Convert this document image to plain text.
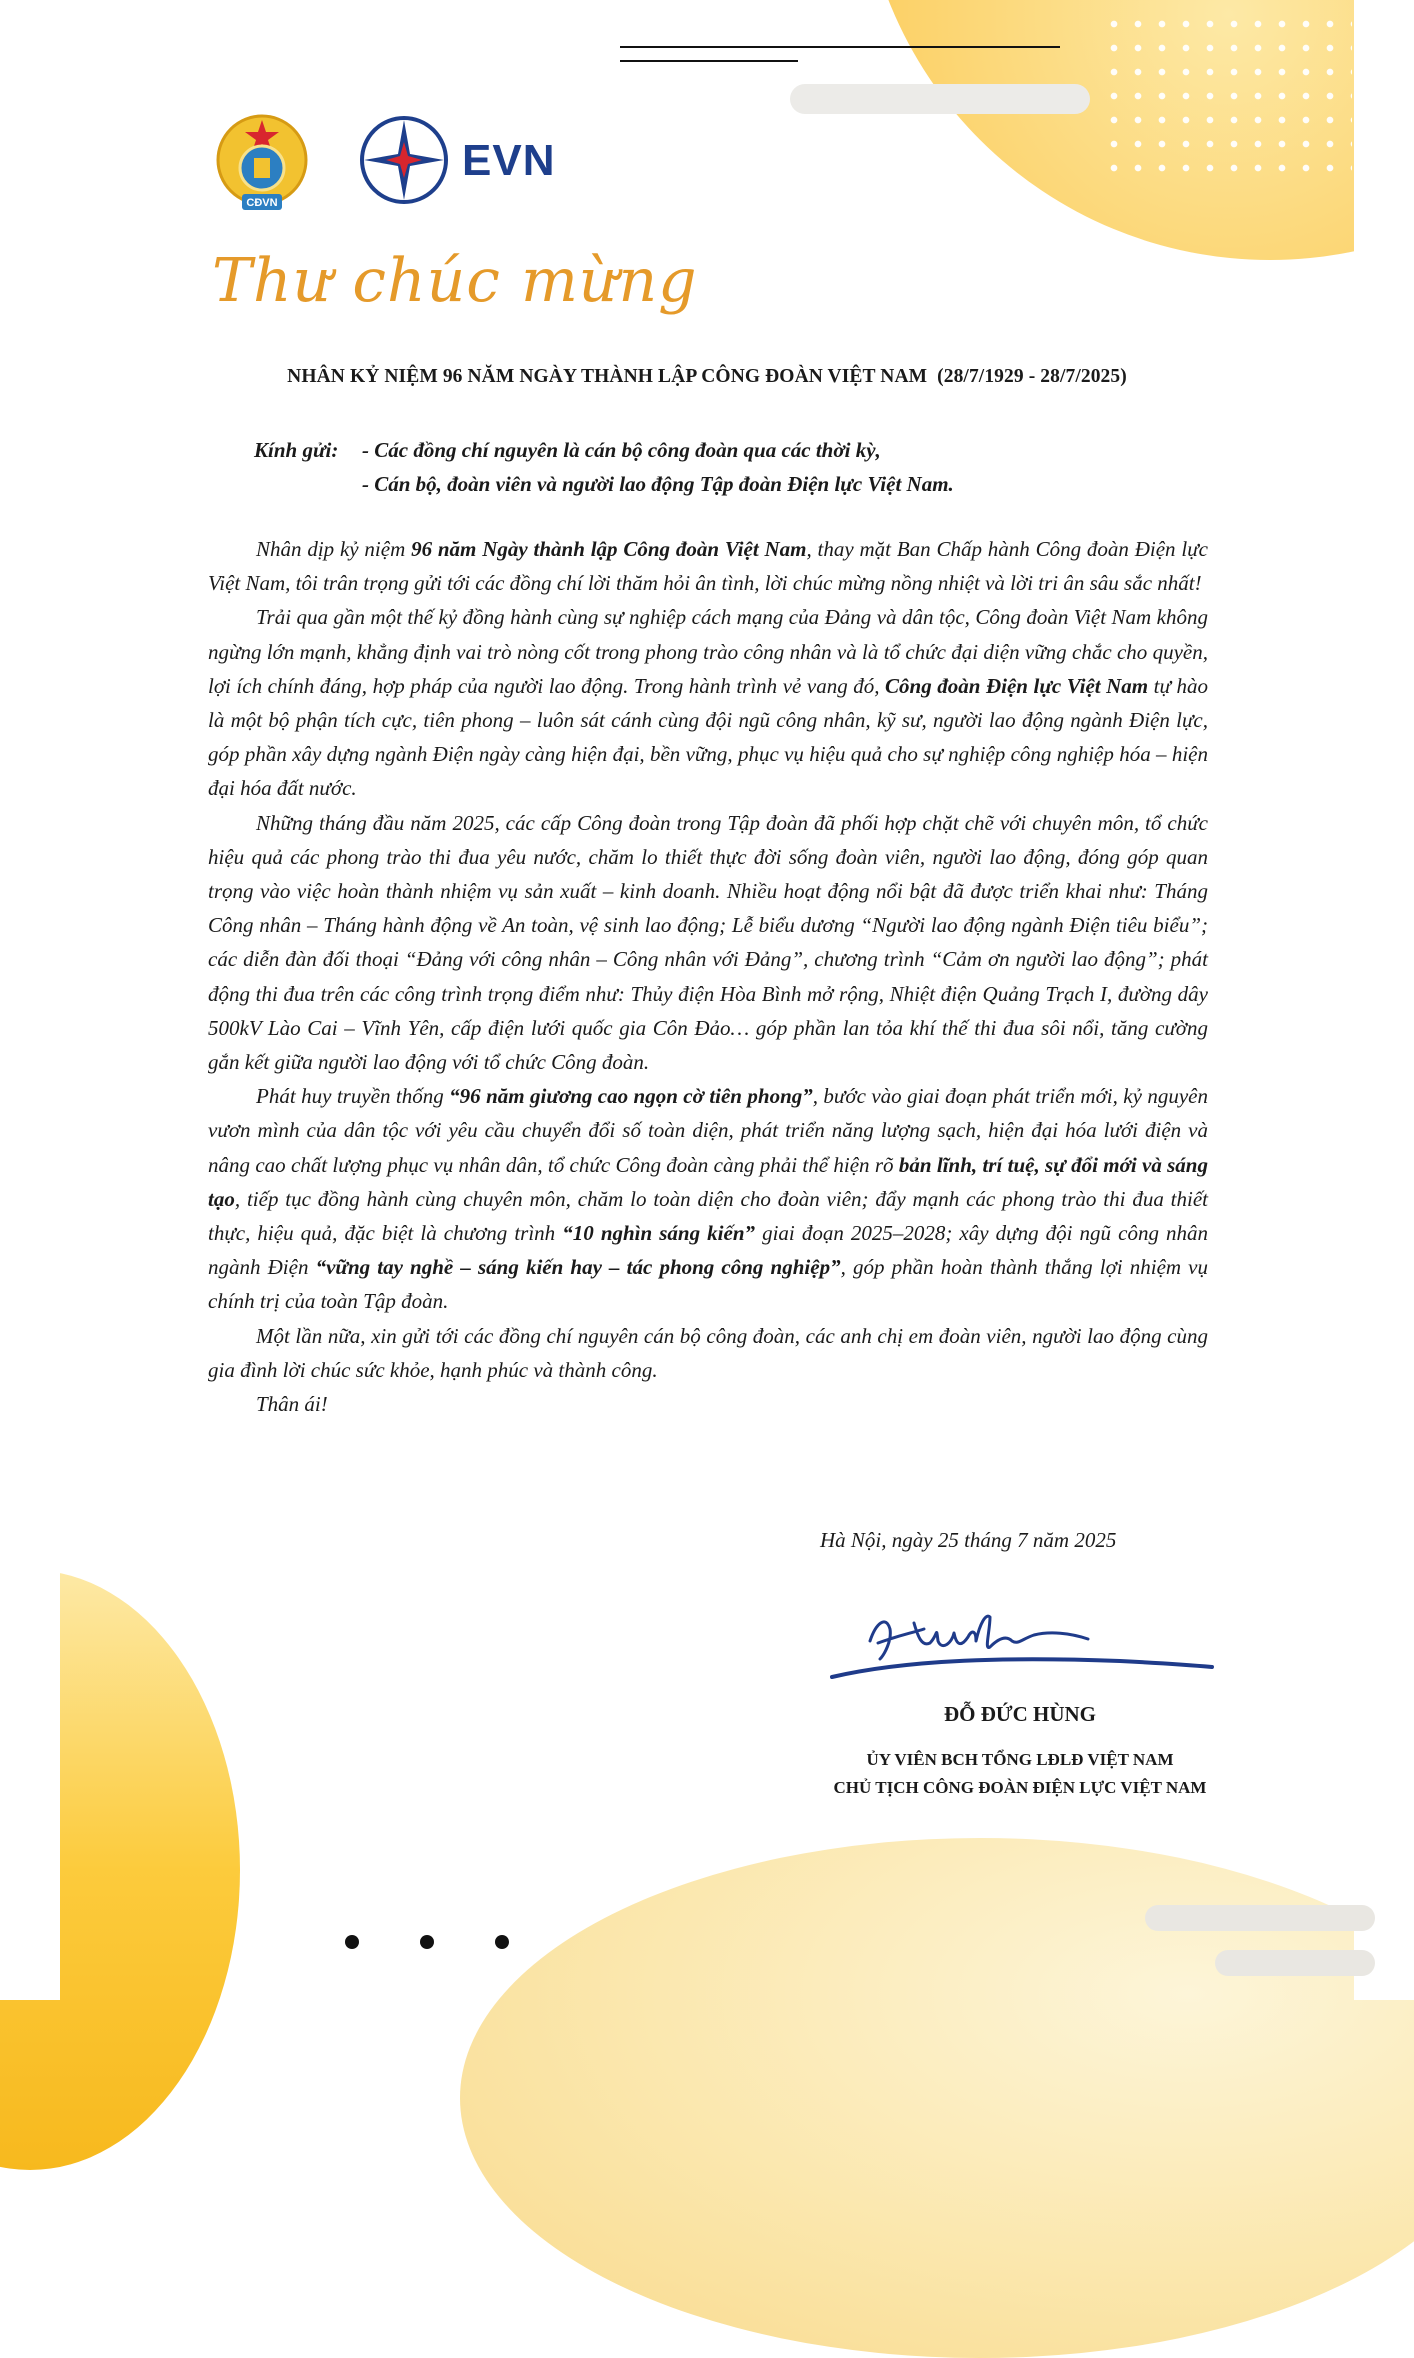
CĐVN
EVN
Thư chúc mừng
NHÂN KỶ NIỆM 96 NĂM NGÀY THÀNH LẬP CÔNG ĐOÀN VIỆT NAM (28/7/1929 - 28/7/2025)
Kính gửi: - Các đồng chí nguyên là cán bộ công đoàn qua các thời kỳ,
- Cán bộ, đoàn viên và người lao động Tập đoàn Điện lực Việt Nam.

Nhân dịp kỷ niệm 96 năm Ngày thành lập Công đoàn Việt Nam, thay mặt Ban Chấp hành Công đoàn Điện lực Việt Nam, tôi trân trọng gửi tới các đồng chí lời thăm hỏi ân tình, lời chúc mừng nồng nhiệt và lời tri ân sâu sắc nhất!

Trải qua gần một thế kỷ đồng hành cùng sự nghiệp cách mạng của Đảng và dân tộc, Công đoàn Việt Nam không ngừng lớn mạnh, khẳng định vai trò nòng cốt trong phong trào công nhân và là tổ chức đại diện vững chắc cho quyền, lợi ích chính đáng, hợp pháp của người lao động. Trong hành trình vẻ vang đó, Công đoàn Điện lực Việt Nam tự hào là một bộ phận tích cực, tiên phong – luôn sát cánh cùng đội ngũ công nhân, kỹ sư, người lao động ngành Điện lực, góp phần xây dựng ngành Điện ngày càng hiện đại, bền vững, phục vụ hiệu quả cho sự nghiệp công nghiệp hóa – hiện đại hóa đất nước.

Những tháng đầu năm 2025, các cấp Công đoàn trong Tập đoàn đã phối hợp chặt chẽ với chuyên môn, tổ chức hiệu quả các phong trào thi đua yêu nước, chăm lo thiết thực đời sống đoàn viên, người lao động, đóng góp quan trọng vào việc hoàn thành nhiệm vụ sản xuất – kinh doanh. Nhiều hoạt động nổi bật đã được triển khai như: Tháng Công nhân – Tháng hành động về An toàn, vệ sinh lao động; Lễ biểu dương “Người lao động ngành Điện tiêu biểu”; các diễn đàn đối thoại “Đảng với công nhân – Công nhân với Đảng”, chương trình “Cảm ơn người lao động”; phát động thi đua trên các công trình trọng điểm như: Thủy điện Hòa Bình mở rộng, Nhiệt điện Quảng Trạch I, đường dây 500kV Lào Cai – Vĩnh Yên, cấp điện lưới quốc gia Côn Đảo… góp phần lan tỏa khí thế thi đua sôi nổi, tăng cường gắn kết giữa người lao động với tổ chức Công đoàn.

Phát huy truyền thống “96 năm giương cao ngọn cờ tiên phong”, bước vào giai đoạn phát triển mới, kỷ nguyên vươn mình của dân tộc với yêu cầu chuyển đổi số toàn diện, phát triển năng lượng sạch, hiện đại hóa lưới điện và nâng cao chất lượng phục vụ nhân dân, tổ chức Công đoàn càng phải thể hiện rõ bản lĩnh, trí tuệ, sự đổi mới và sáng tạo, tiếp tục đồng hành cùng chuyên môn, chăm lo toàn diện cho đoàn viên; đẩy mạnh các phong trào thi đua thiết thực, hiệu quả, đặc biệt là chương trình “10 nghìn sáng kiến” giai đoạn 2025–2028; xây dựng đội ngũ công nhân ngành Điện “vững tay nghề – sáng kiến hay – tác phong công nghiệp”, góp phần hoàn thành thắng lợi nhiệm vụ chính trị của toàn Tập đoàn.

Một lần nữa, xin gửi tới các đồng chí nguyên cán bộ công đoàn, các anh chị em đoàn viên, người lao động cùng gia đình lời chúc sức khỏe, hạnh phúc và thành công.

Thân ái!

Hà Nội, ngày 25 tháng 7 năm 2025
ĐỖ ĐỨC HÙNG
ỦY VIÊN BCH TỔNG LĐLĐ VIỆT NAM
CHỦ TỊCH CÔNG ĐOÀN ĐIỆN LỰC VIỆT NAM
